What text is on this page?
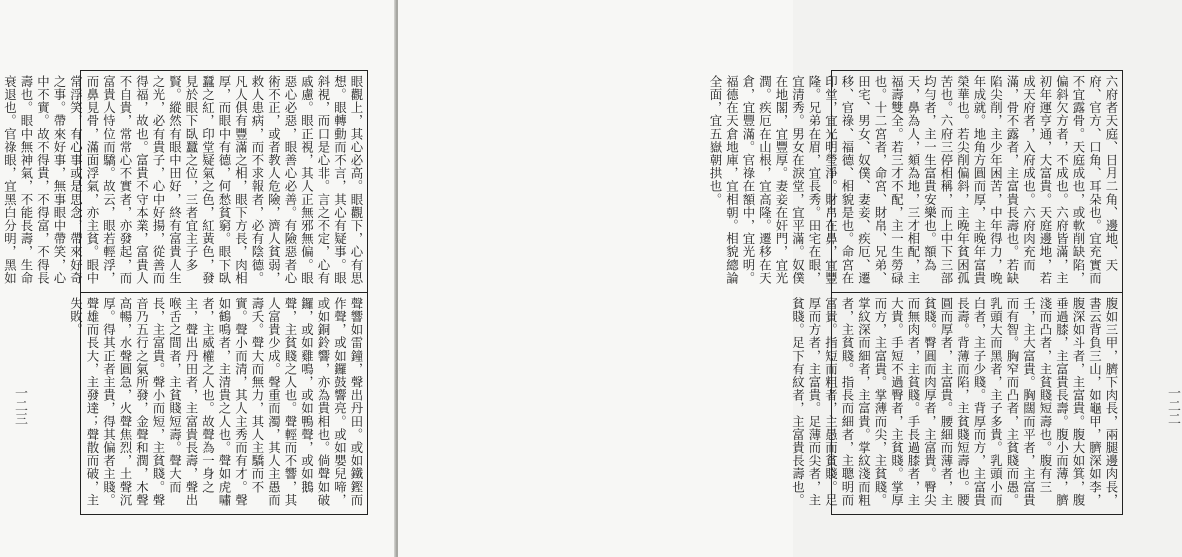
眼觀上，其心必高。眼觀下，心有思想。眼轉動而不言，其心有疑事。眼斜視，而口是心非。言之不定，心有戚慮。眼正視，其人正無邪無偏。眼惡心必惡，眼善心必善。有險惡者心術不正，或者教人危險，濟人貧弱，救人患病，而不求報者，必有陰德。凡人俱有豐滿之相，眼下方長，肉相厚，而眼中有德，何愁貧窮。眼下臥蠶之紅，印堂疑氣之色，紅黃色，發見於眼下臥蠶之位，三者宜主子多賢。縱然有眼中田好，終有富貴人生之光，必有貴子，心中好揚，從善而得福，故也。富貴不守本業，富貴人不自貴，常常心不實者，亦發起，而富貴人恃位而驕。故云，眼若輕浮，而鼻見骨，滿面浮氣，亦主貧。眼中常浮笑，有心事或是思念，帶來好奇之事。帶來好事，無事眼中帶笑，心中不實。故不得貴，不得富，不得長壽也。眼中無神氣，不能長壽，生命衰退也。官祿眼，宜黑白分明，黑如
聲響如雷鐘，聲出丹田。或如鐵鏗而作聲，或如鑼鼓響亮。或如嬰兒啼，或如銅鈴響，亦為貴相也。倘聲如破鑼，或如雞鳴，或如鴨聲，或如鵝聲，主貧賤之人也。聲輕而不響，其人富貴少成。聲重而濁，其人主愚而壽夭。聲大而無力，其人主驕而不實。聲小而清，其人主秀而有才。聲如鶴鳴者，主清貴之人也。聲如虎嘯者，主威權之人也。故聲為一身之主，聲出丹田者，主富貴長壽，聲出喉舌之間者，主貧賤短壽。聲大而長，主富貴。聲小而短，主貧賤。聲音乃五行之氣所發，金聲和潤，木聲高暢，水聲圓急，火聲焦烈，土聲沉厚。得其正者主貴，得其偏者主賤。聲雄而長大，主發達；聲散而破，主失敗。
一二三
六府者天庭、日月二角、邊地、天府、官方、口角、耳朵也。宜充實而不宜露骨。天庭成也，或軟削缺陷，偏斜欠方者，不成也。六府皆滿，主初年運亨通，大富貴。天庭邊地，若成天府者，入府成也。六府肉充而滿，骨不露者，主富貴長壽也。若缺陷尖削，主少年困苦，中年得力，晚年成就。地角方圓而厚，主晚年富貴榮華也。若尖削偏斜，主晚年貧困孤苦也。六府三停相稱，而上中下三部均勻者，主一生富貴安樂也。額為天，鼻為人，頦為地，三才相配，主福壽雙全。若三才不配，主一生勞碌也。十二宮者，命宮、財帛、兄弟、田宅、男女、奴僕、妻妾、疾厄、遷移、官祿、福德、相貌是也。命宮在印堂，宜光明瑩淨。財帛在鼻，宜豐隆。兄弟在眉，宜長秀。田宅在眼，宜清秀。男女在淚堂，宜平滿。奴僕在地閣，宜豐厚。妻妾在奸門，宜光潤。疾厄在山根，宜高隆。遷移在天倉，宜豐滿。官祿在額中，宜光明。福德在天倉地庫，宜相朝。相貌總論全面，宜五嶽朝拱也。
腹如三甲，臍下肉長，兩腿邊肉長，書云背負三山，如龜甲，臍深如李，腹深如斗者，主富貴。腹大如箕，腹垂過膝，主富貴長壽。腹小而薄，臍淺而凸者，主貧賤短壽也。腹有三壬，主大富貴。胸闊而平者，主富貴而有智。胸窄而凸者，主貧賤而愚。乳頭大而黑者，主子多貴。乳頭小而白者，主子少賤。背厚而方，主富貴長壽。背薄而陷，主貧賤短壽也。腰圓而厚者，主富貴。腰細而薄者，主貧賤。臀圓而肉厚者，主富貴。臀尖而無肉者，主貧賤。手長過膝者，主大貴。手短不過臀者，主貧賤。掌厚而方，主富貴。掌薄而尖，主貧賤。掌紋深而細者，主富貴。掌紋淺而粗者，主貧賤。指長而細者，主聰明而富貴。指短而粗者，主愚而貧賤。足厚而方者，主富貴。足薄而尖者，主貧賤。足下有紋者，主富貴長壽也。	一二二
